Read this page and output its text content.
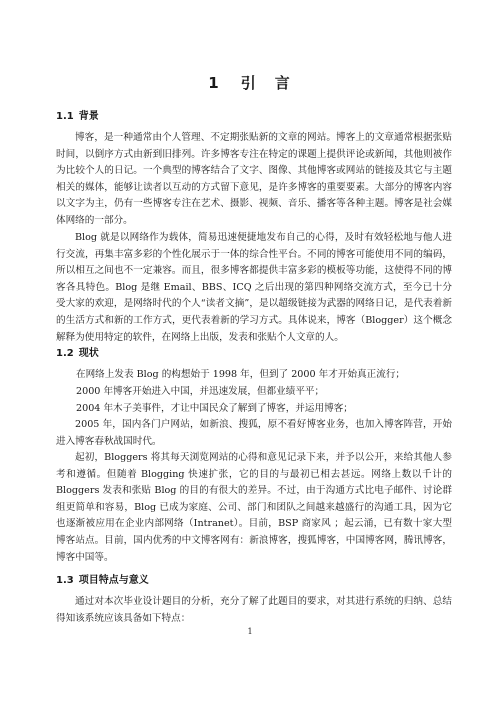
1 引　言
1.1 背景

博客，是一种通常由个人管理、不定期张贴新的文章的网站。博客上的文章通常根据张贴时间，以倒序方式由新到旧排列。许多博客专注在特定的课题上提供评论或新闻，其他则被作为比较个人的日记。一个典型的博客结合了文字、图像、其他博客或网站的链接及其它与主题相关的媒体，能够让读者以互动的方式留下意见，是许多博客的重要要素。大部分的博客内容以文字为主，仍有一些博客专注在艺术、摄影、视频、音乐、播客等各种主题。博客是社会媒体网络的一部分。

Blog 就是以网络作为载体，简易迅速便捷地发布自己的心得，及时有效轻松地与他人进行交流，再集丰富多彩的个性化展示于一体的综合性平台。不同的博客可能使用不同的编码，所以相互之间也不一定兼容。而且，很多博客都提供丰富多彩的模板等功能，这使得不同的博客各具特色。Blog 是继 Email、BBS、ICQ 之后出现的第四种网络交流方式，至今已十分受大家的欢迎，是网络时代的个人“读者文摘”，是以超级链接为武器的网络日记，是代表着新的生活方式和新的工作方式，更代表着新的学习方式。具体说来，博客（Blogger）这个概念解释为使用特定的软件，在网络上出版，发表和张贴个人文章的人。

1.2 现状
在网络上发表 Blog 的构想始于 1998 年，但到了 2000 年才开始真正流行；
2000 年博客开始进入中国，并迅速发展，但都业绩平平；
2004 年木子美事件，才让中国民众了解到了博客，并运用博客；

2005 年，国内各门户网站，如新浪、搜狐，原不看好博客业务，也加入博客阵营，开始进入博客春秋战国时代。

起初，Bloggers 将其每天浏览网站的心得和意见记录下来，并予以公开，来给其他人参考和遵循。但随着 Blogging 快速扩张，它的目的与最初已相去甚远。网络上数以千计的 Bloggers 发表和张贴 Blog 的目的有很大的差异。不过，由于沟通方式比电子邮件、讨论群组更简单和容易，Blog 已成为家庭、公司、部门和团队之间越来越盛行的沟通工具，因为它也逐渐被应用在企业内部网络（Intranet）。目前，BSP 商家风 ；起云涌，已有数十家大型博客站点。目前，国内优秀的中文博客网有：新浪博客，搜狐博客，中国博客网，腾讯博客，博客中国等。

1.3 项目特点与意义

通过对本次毕业设计题目的分析，充分了解了此题目的要求，对其进行系统的归纳、总结得知该系统应该具备如下特点：

1
